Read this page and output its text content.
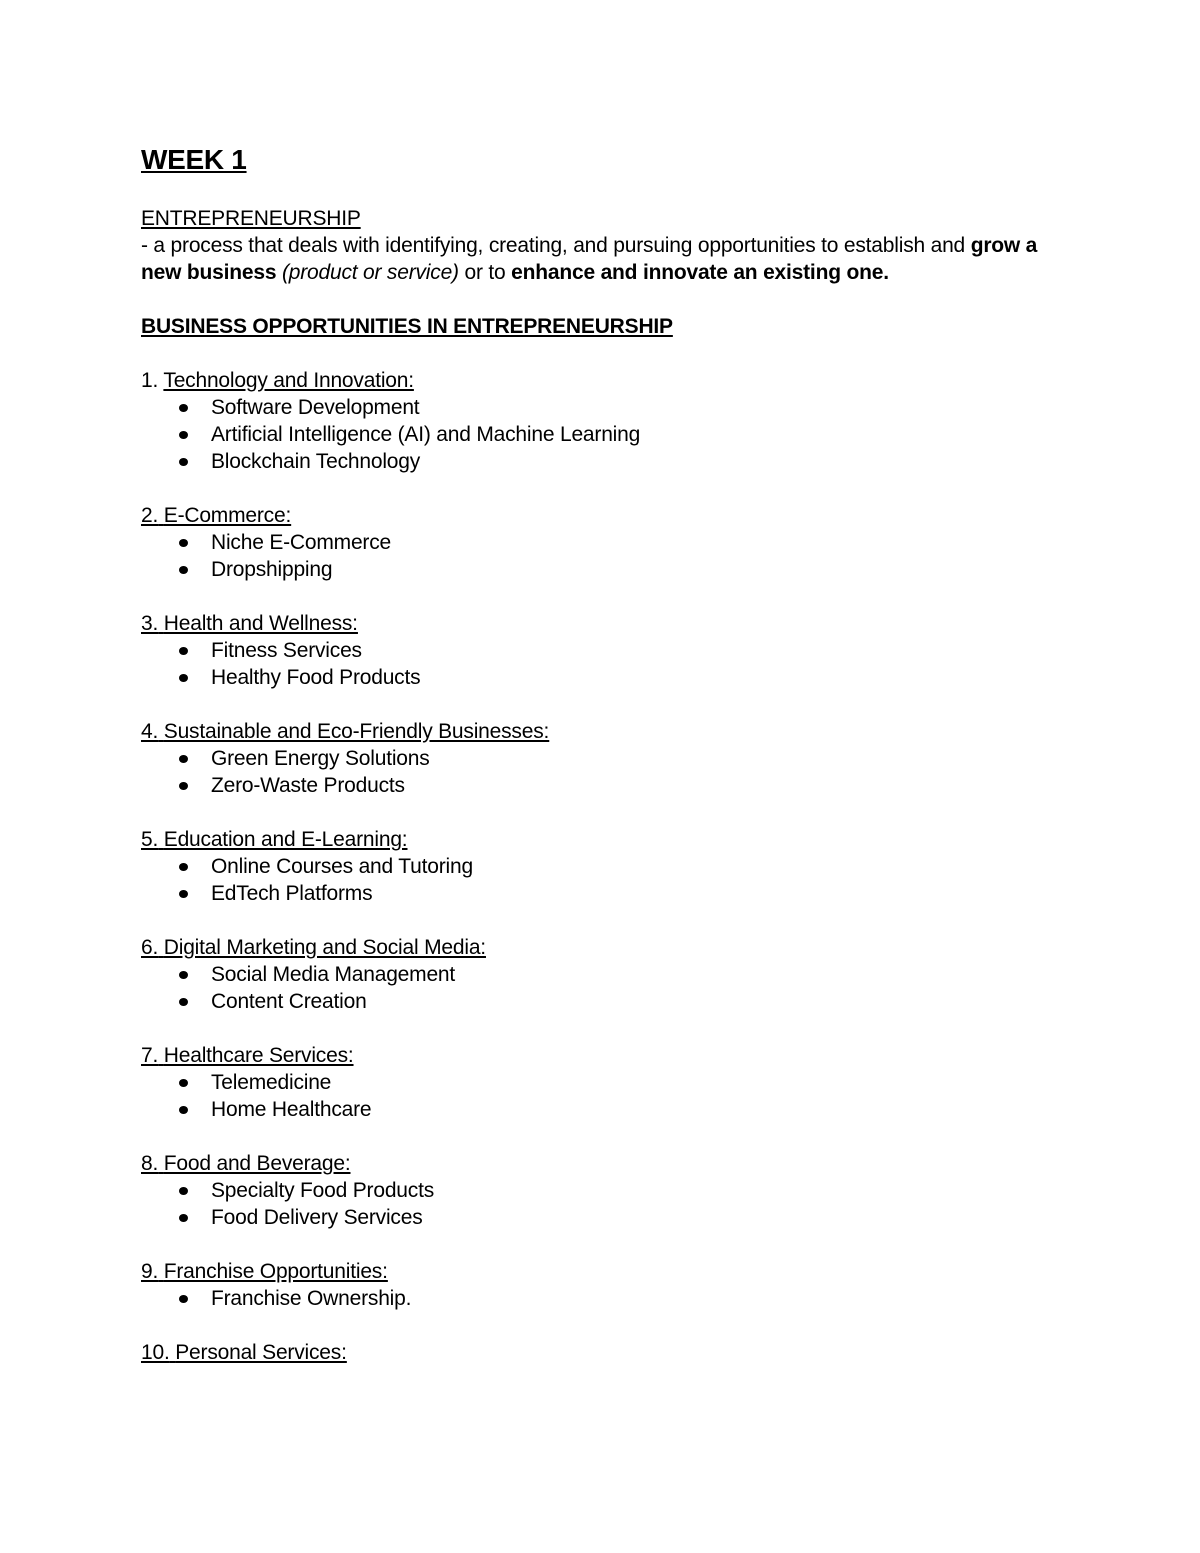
WEEK 1
ENTREPRENEURSHIP

- a process that deals with identifying, creating, and pursuing opportunities to establish and grow a new business (product or service) or to enhance and innovate an existing one.

BUSINESS OPPORTUNITIES IN ENTREPRENEURSHIP

1. Technology and Innovation:

Software Development
Artificial Intelligence (AI) and Machine Learning
Blockchain Technology

2. E-Commerce:

Niche E-Commerce
Dropshipping

3. Health and Wellness:

Fitness Services
Healthy Food Products

4. Sustainable and Eco-Friendly Businesses:

Green Energy Solutions
Zero-Waste Products

5. Education and E-Learning:

Online Courses and Tutoring
EdTech Platforms

6. Digital Marketing and Social Media:

Social Media Management
Content Creation

7. Healthcare Services:

Telemedicine
Home Healthcare

8. Food and Beverage:

Specialty Food Products
Food Delivery Services

9. Franchise Opportunities:

Franchise Ownership.

10. Personal Services:
